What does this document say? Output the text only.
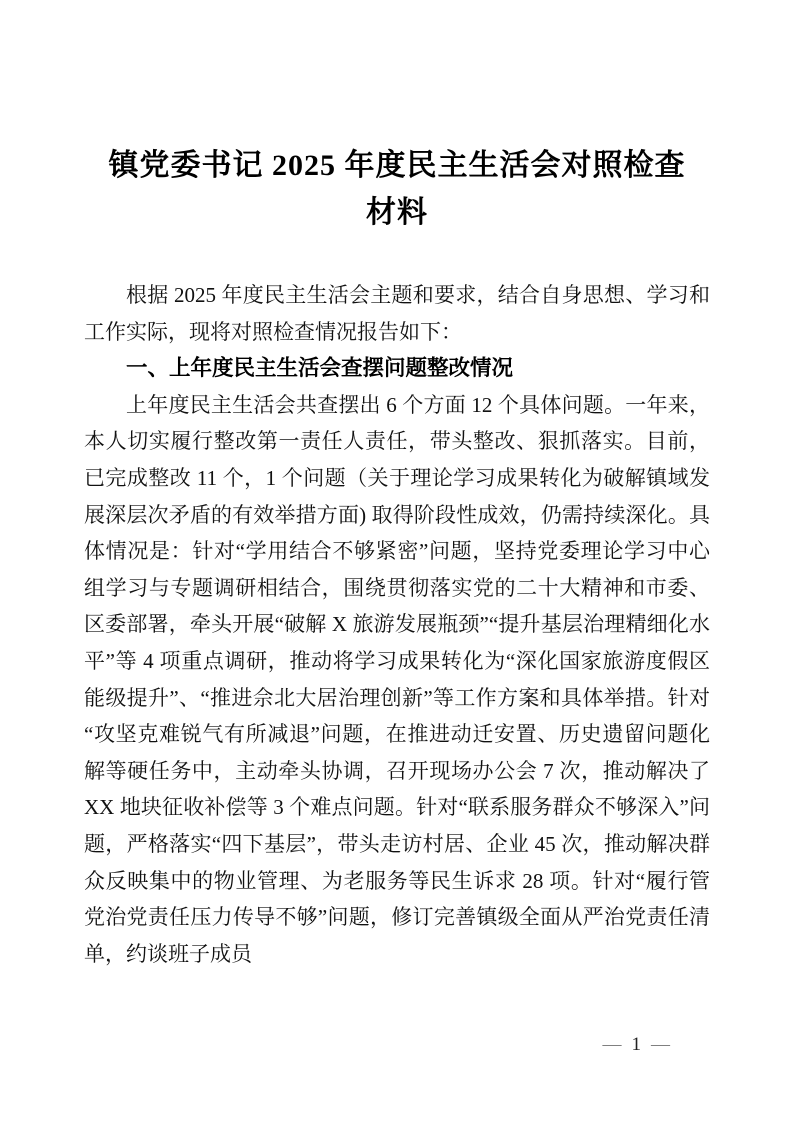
镇党委书记 2025 年度民主生活会对照检查材料

根据 2025 年度民主生活会主题和要求，结合自身思想、学习和工作实际，现将对照检查情况报告如下：

一、上年度民主生活会查摆问题整改情况

上年度民主生活会共查摆出 6 个方面 12 个具体问题。一年来，本人切实履行整改第一责任人责任，带头整改、狠抓落实。目前，已完成整改 11 个，1 个问题（关于理论学习成果转化为破解镇域发展深层次矛盾的有效举措方面) 取得阶段性成效，仍需持续深化。具体情况是：针对“学用结合不够紧密”问题，坚持党委理论学习中心组学习与专题调研相结合，围绕贯彻落实党的二十大精神和市委、区委部署，牵头开展“破解 X 旅游发展瓶颈”“提升基层治理精细化水平”等 4 项重点调研，推动将学习成果转化为“深化国家旅游度假区能级提升”、“推进佘北大居治理创新”等工作方案和具体举措。针对“攻坚克难锐气有所减退”问题，在推进动迁安置、历史遗留问题化解等硬任务中，主动牵头协调，召开现场办公会 7 次，推动解决了 XX 地块征收补偿等 3 个难点问题。针对“联系服务群众不够深入”问题，严格落实“四下基层”，带头走访村居、企业 45 次，推动解决群众反映集中的物业管理、为老服务等民生诉求 28 项。针对“履行管党治党责任压力传导不够”问题，修订完善镇级全面从严治党责任清单，约谈班子成员

— 1 —
